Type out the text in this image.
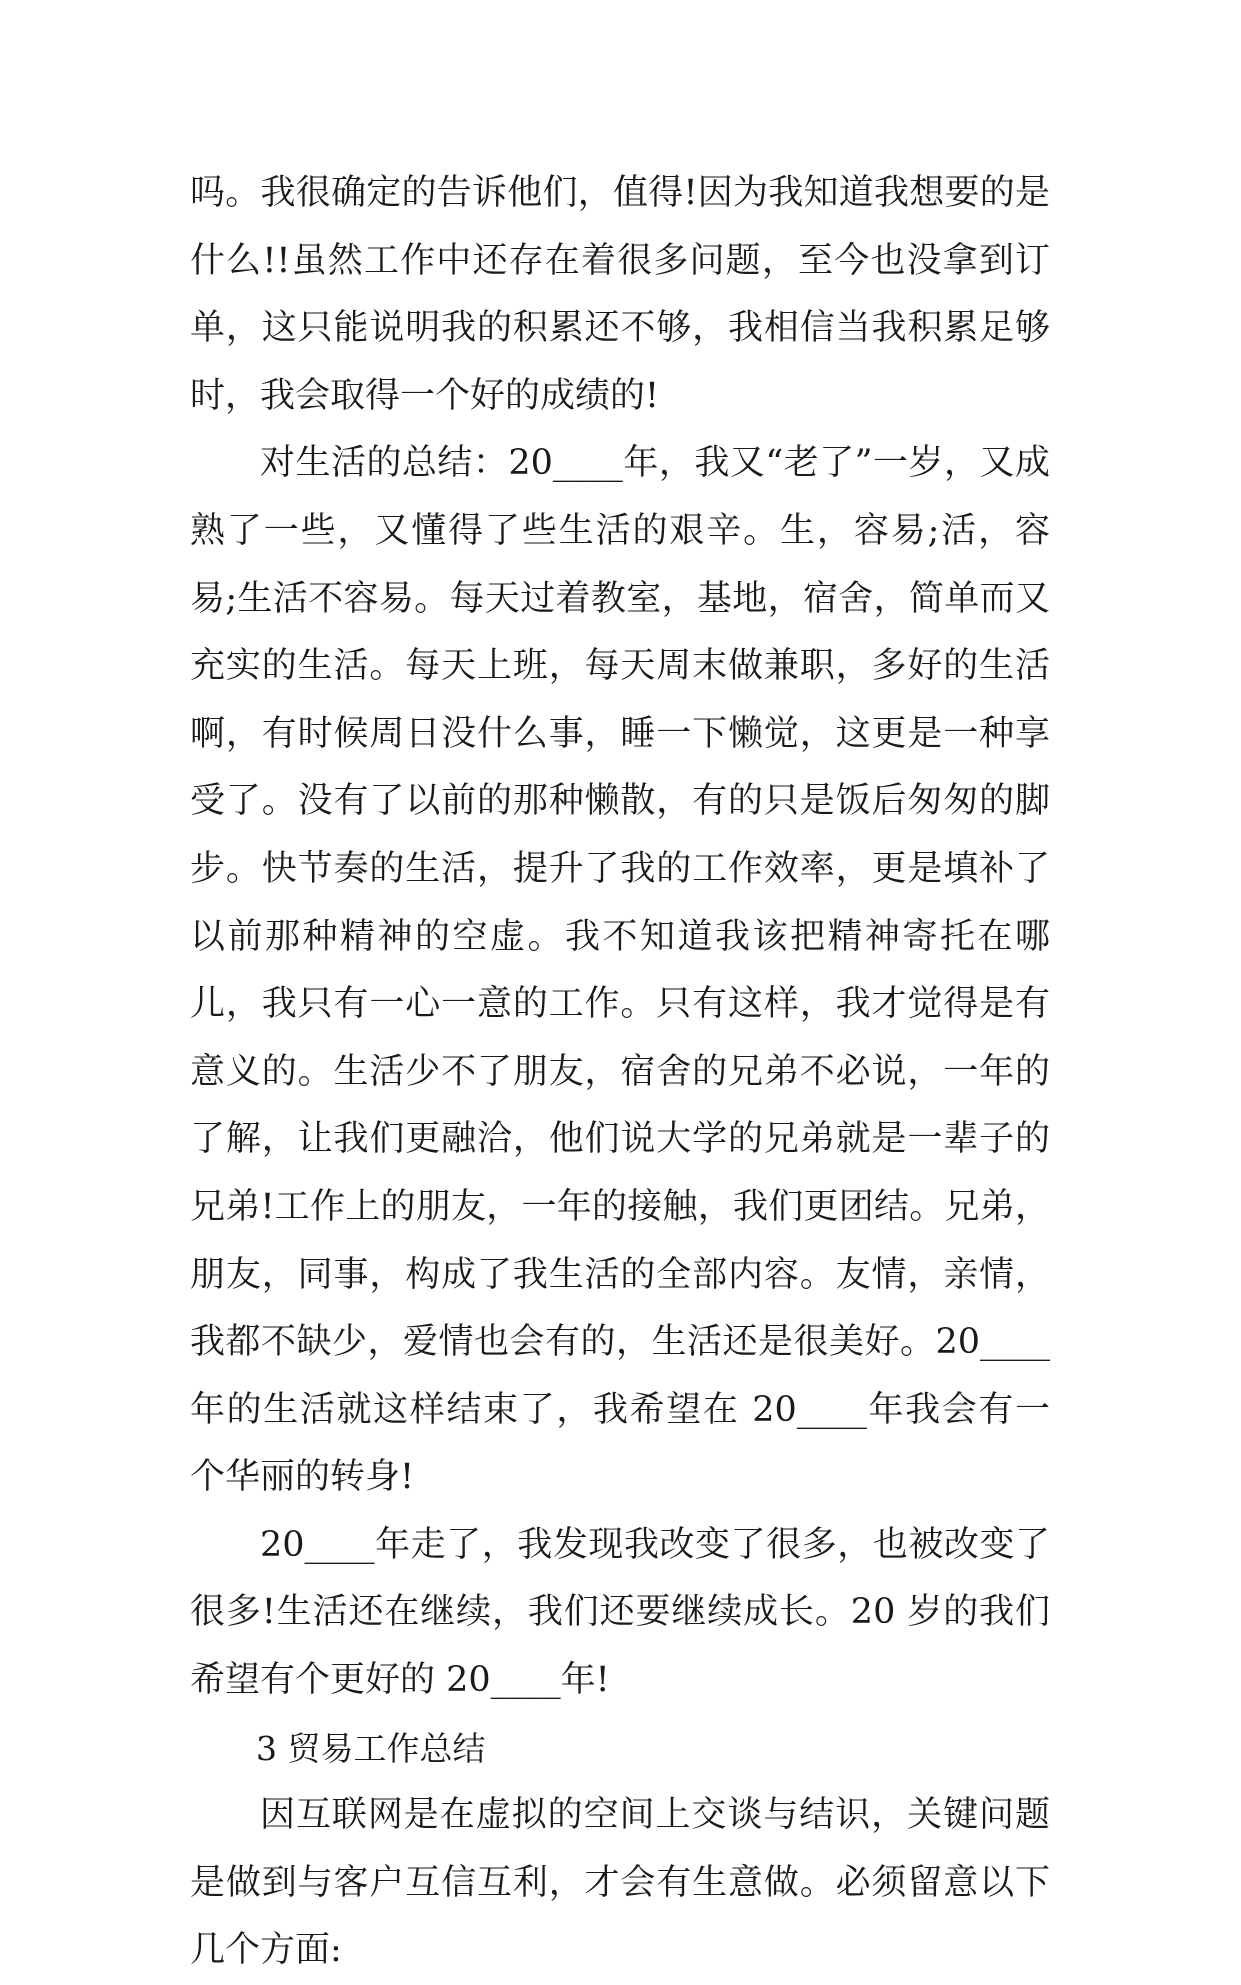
吗。我很确定的告诉他们，值得!因为我知道我想要的是什么!!虽然工作中还存在着很多问题，至今也没拿到订单，这只能说明我的积累还不够，我相信当我积累足够时，我会取得一个好的成绩的!

对生活的总结：20____年，我又“老了”一岁，又成熟了一些，又懂得了些生活的艰辛。生，容易;活，容易;生活不容易。每天过着教室，基地，宿舍，简单而又充实的生活。每天上班，每天周末做兼职，多好的生活啊，有时候周日没什么事，睡一下懒觉，这更是一种享受了。没有了以前的那种懒散，有的只是饭后匆匆的脚步。快节奏的生活，提升了我的工作效率，更是填补了以前那种精神的空虚。我不知道我该把精神寄托在哪儿，我只有一心一意的工作。只有这样，我才觉得是有意义的。生活少不了朋友，宿舍的兄弟不必说，一年的了解，让我们更融洽，他们说大学的兄弟就是一辈子的兄弟!工作上的朋友，一年的接触，我们更团结。兄弟，朋友，同事，构成了我生活的全部内容。友情，亲情，我都不缺少，爱情也会有的，生活还是很美好。20____年的生活就这样结束了，我希望在 20____年我会有一个华丽的转身!

20____年走了，我发现我改变了很多，也被改变了很多!生活还在继续，我们还要继续成长。20 岁的我们希望有个更好的 20____年!

3 贸易工作总结

因互联网是在虚拟的空间上交谈与结识，关键问题是做到与客户互信互利，才会有生意做。必须留意以下几个方面:
